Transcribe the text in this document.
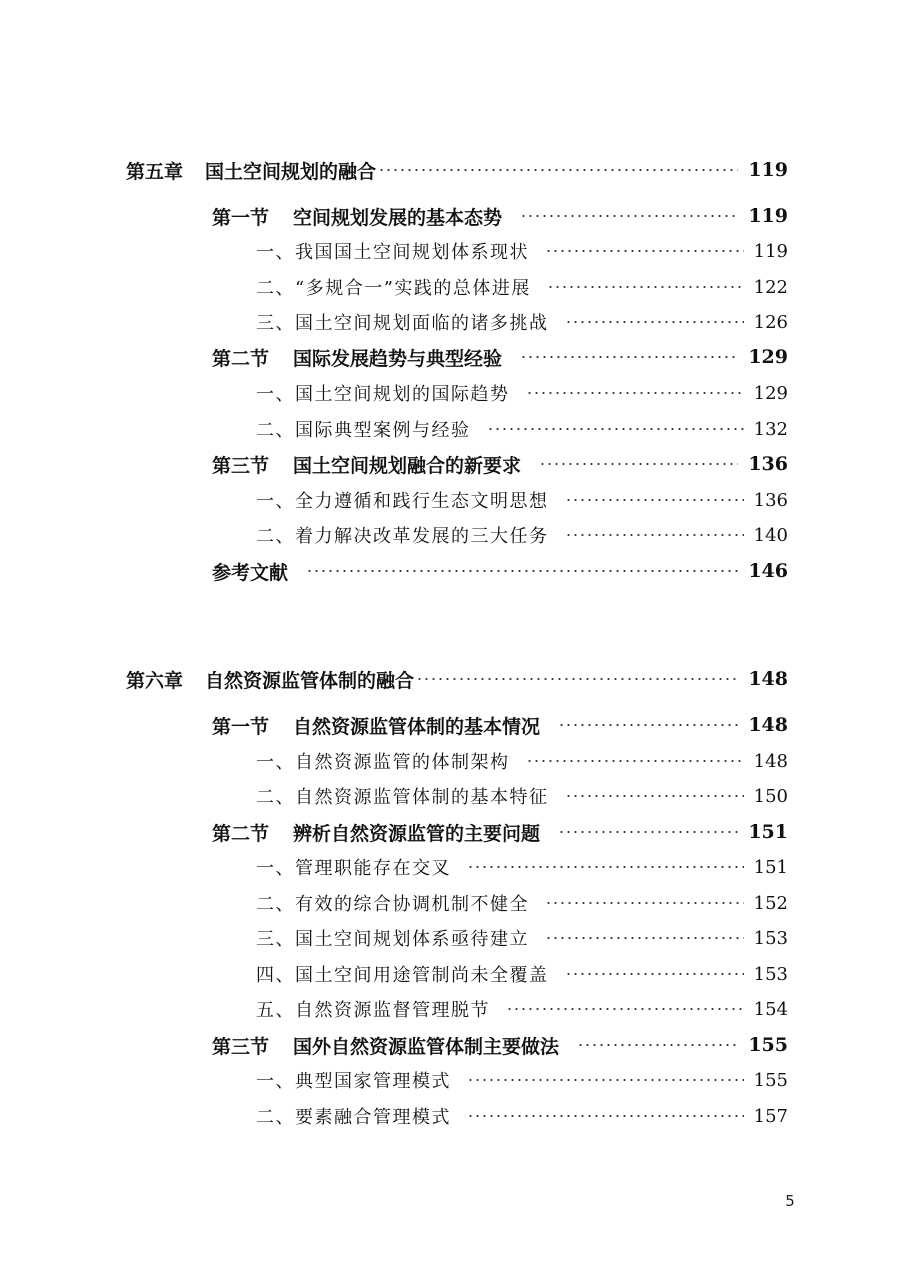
第五章 国土空间规划的融合	119
第一节 空间规划发展的基本态势	119
一、我国国土空间规划体系现状	119
二、“多规合一”实践的总体进展	122
三、国土空间规划面临的诸多挑战	126
第二节 国际发展趋势与典型经验	129
一、国土空间规划的国际趋势	129
二、国际典型案例与经验	132
第三节 国土空间规划融合的新要求	136
一、全力遵循和践行生态文明思想	136
二、着力解决改革发展的三大任务	140
参考文献	146
第六章 自然资源监管体制的融合	148
第一节 自然资源监管体制的基本情况	148
一、自然资源监管的体制架构	148
二、自然资源监管体制的基本特征	150
第二节 辨析自然资源监管的主要问题	151
一、管理职能存在交叉	151
二、有效的综合协调机制不健全	152
三、国土空间规划体系亟待建立	153
四、国土空间用途管制尚未全覆盖	153
五、自然资源监督管理脱节	154
第三节 国外自然资源监管体制主要做法	155
一、典型国家管理模式	155
二、要素融合管理模式	157
5
